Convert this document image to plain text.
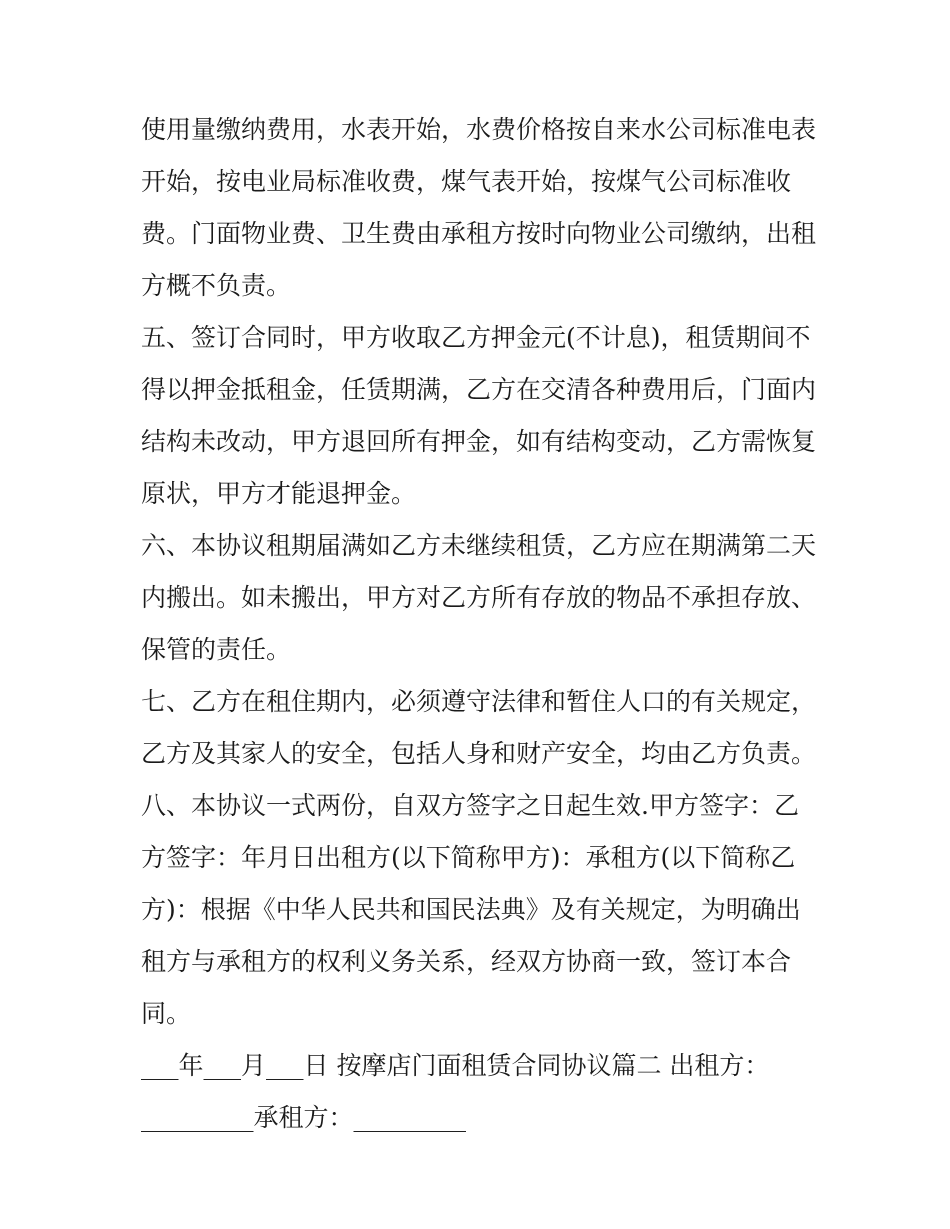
使用量缴纳费用，水表开始，水费价格按自来水公司标准电表
开始，按电业局标准收费，煤气表开始，按煤气公司标准收
费。门面物业费、卫生费由承租方按时向物业公司缴纳，出租
方概不负责。
五、签订合同时，甲方收取乙方押金元(不计息)，租赁期间不
得以押金抵租金，任赁期满，乙方在交清各种费用后，门面内
结构未改动，甲方退回所有押金，如有结构变动，乙方需恢复
原状，甲方才能退押金。
六、本协议租期届满如乙方未继续租赁，乙方应在期满第二天
内搬出。如未搬出，甲方对乙方所有存放的物品不承担存放、
保管的责任。
七、乙方在租住期内，必须遵守法律和暂住人口的有关规定，
乙方及其家人的安全，包括人身和财产安全，均由乙方负责。
八、本协议一式两份，自双方签字之日起生效.甲方签字：乙
方签字：年月日出租方(以下简称甲方)：承租方(以下简称乙
方)：根据《中华人民共和国民法典》及有关规定，为明确出
租方与承租方的权利义务关系，经双方协商一致，签订本合
同。
___年___月___日 按摩店门面租赁合同协议篇二 出租方：
_________承租方：_________
